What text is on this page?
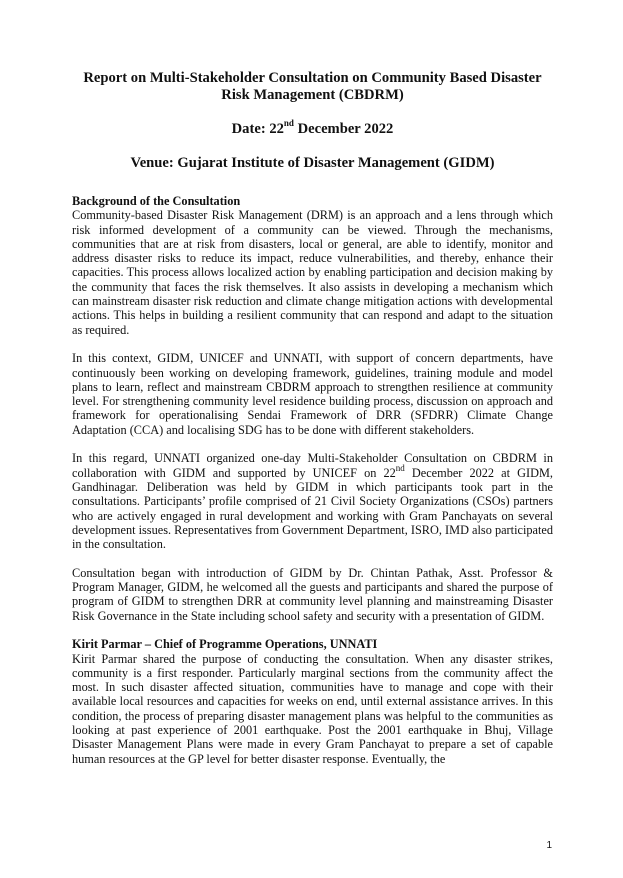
Report on Multi-Stakeholder Consultation on Community Based Disaster Risk Management (CBDRM)

Date: 22nd December 2022

Venue: Gujarat Institute of Disaster Management (GIDM)

Background of the Consultation

Community-based Disaster Risk Management (DRM) is an approach and a lens through which risk informed development of a community can be viewed. Through the mechanisms, communities that are at risk from disasters, local or general, are able to identify, monitor and address disaster risks to reduce its impact, reduce vulnerabilities, and thereby, enhance their capacities. This process allows localized action by enabling participation and decision making by the community that faces the risk themselves. It also assists in developing a mechanism which can mainstream disaster risk reduction and climate change mitigation actions with developmental actions. This helps in building a resilient community that can respond and adapt to the situation as required.

In this context, GIDM, UNICEF and UNNATI, with support of concern departments, have continuously been working on developing framework, guidelines, training module and model plans to learn, reflect and mainstream CBDRM approach to strengthen resilience at community level. For strengthening community level residence building process, discussion on approach and framework for operationalising Sendai Framework of DRR (SFDRR) Climate Change Adaptation (CCA) and localising SDG has to be done with different stakeholders.

In this regard, UNNATI organized one-day Multi-Stakeholder Consultation on CBDRM in collaboration with GIDM and supported by UNICEF on 22nd December 2022 at GIDM, Gandhinagar. Deliberation was held by GIDM in which participants took part in the consultations. Participants’ profile comprised of 21 Civil Society Organizations (CSOs) partners who are actively engaged in rural development and working with Gram Panchayats on several development issues. Representatives from Government Department, ISRO, IMD also participated in the consultation.

Consultation began with introduction of GIDM by Dr. Chintan Pathak, Asst. Professor & Program Manager, GIDM, he welcomed all the guests and participants and shared the purpose of program of GIDM to strengthen DRR at community level planning and mainstreaming Disaster Risk Governance in the State including school safety and security with a presentation of GIDM.

Kirit Parmar – Chief of Programme Operations, UNNATI

Kirit Parmar shared the purpose of conducting the consultation. When any disaster strikes, community is a first responder. Particularly marginal sections from the community affect the most. In such disaster affected situation, communities have to manage and cope with their available local resources and capacities for weeks on end, until external assistance arrives. In this condition, the process of preparing disaster management plans was helpful to the communities as looking at past experience of 2001 earthquake. Post the 2001 earthquake in Bhuj, Village Disaster Management Plans were made in every Gram Panchayat to prepare a set of capable human resources at the GP level for better disaster response. Eventually, the

1
